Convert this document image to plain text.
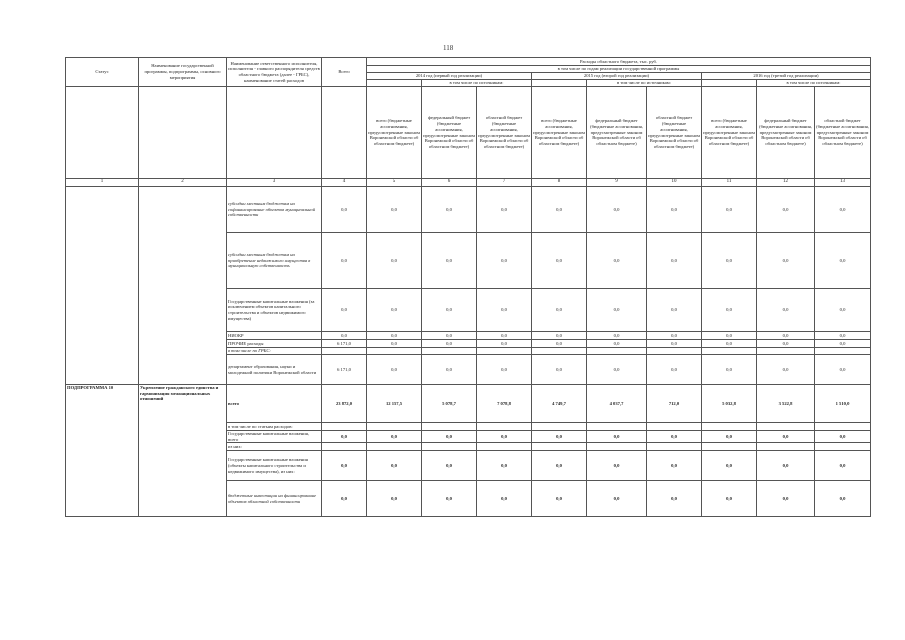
118
Статус	Наименование государственной программы, подпрограммы, основного мероприятия	Наименование ответственного исполнителя, исполнителя - главного распорядителя средств областного бюджета (далее - ГРБС), наименование статей расходов	Всего	Расходы областного бюджета, тыс. руб.								
				в том числе по годам реализации государственной программы								
				2014 год (первый год реализации)			2015 год (второй год реализации)			2016 год (третий год реализации)		
					в том числе по источникам:			в том числе по источникам:			в том числе по источникам:	
				всего (бюджетные ассигнования, предусмотренные законом Воронежской области об областном бюджете)	федеральный бюджет (бюджетные ассигнования, предусмотренные законом Воронежской области об областном бюджете)	областной бюджет (бюджетные ассигнования, предусмотренные законом Воронежской области об областном бюджете)	всего (бюджетные ассигнования, предусмотренные законом Воронежской области об областном бюджете)	федеральный бюджет (бюджетные ассигнования, предусмотренные законом Воронежской области об областном бюджете)	областной бюджет (бюджетные ассигнования, предусмотренные законом Воронежской области об областном бюджете)	всего (бюджетные ассигнования, предусмотренные законом Воронежской области об областном бюджете)	федеральный бюджет (бюджетные ассигнования, предусмотренные законом Воронежской области об областном бюджете)	областной бюджет (бюджетные ассигнования, предусмотренные законом Воронежской области об областном бюджете)
1	2	3	4	5	6	7	8	9	10	11	12	13
		субсидии местным бюджетам на софинансирование объектов муниципальной собственности	0,0	0,0	0,0	0,0	0,0	0,0	0,0	0,0	0,0	0,0
		субсидии местным бюджетам на приобретение недвижимого имущества в муниципальную собственность	0,0	0,0	0,0	0,0	0,0	0,0	0,0	0,0	0,0	0,0
		Государственные капитальные вложения (за исключением объектов капитального строительства и объектов недвижимого имущества)	0,0	0,0	0,0	0,0	0,0	0,0	0,0	0,0	0,0	0,0
		НИОКР	0,0	0,0	0,0	0,0	0,0	0,0	0,0	0,0	0,0	0,0
		ПРОЧИЕ расходы	6 171,0	0,0	0,0	0,0	0,0	0,0	0,0	0,0	0,0	0,0
		в том числе по ГРБС:										
		департамент образования, науки и молодежной политики Воронежской области	6 171,0	0,0	0,0	0,0	0,0	0,0	0,0	0,0	0,0	0,0
ПОДПРОГРАММА 10	Укрепление гражданского единства и гармонизация межнациональных отношений	всего	23 872,0	12 157,5	5 078,7	7 078,8	4 749,7	4 037,7	712,0	5 032,8	3 522,8	1 510,0
		в том числе по статьям расходов:										
		Государственные капитальные вложения, всего	0,0	0,0	0,0	0,0	0,0	0,0	0,0	0,0	0,0	0,0
		из них:										
		Государственные капитальные вложения (объекты капитального строительства и недвижимого имущества), из них:	0,0	0,0	0,0	0,0	0,0	0,0	0,0	0,0	0,0	0,0
		бюджетные инвестиции на финансирование объектов областной собственности	0,0	0,0	0,0	0,0	0,0	0,0	0,0	0,0	0,0	0,0
